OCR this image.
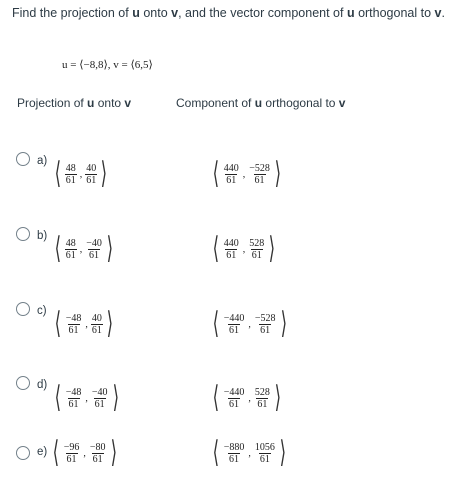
Find the projection of u onto v, and the vector component of u orthogonal to v.
u = ⟨−8,8⟩, v = ⟨6,5⟩
Projection of u onto v	Component of u orthogonal to v
a) ⟨ $\frac{48}{61}$ , $\frac{40}{61}$ ⟩	⟨ $\frac{440}{61}$ , $\frac{-528}{61}$ ⟩
b) ⟨ $\frac{48}{61}$ , $\frac{-40}{61}$ ⟩	⟨ $\frac{440}{61}$ , $\frac{528}{61}$ ⟩
c) ⟨ $\frac{-48}{61}$ , $\frac{40}{61}$ ⟩	⟨ $\frac{-440}{61}$ , $\frac{-528}{61}$ ⟩
d) ⟨ $\frac{-48}{61}$ , $\frac{-40}{61}$ ⟩	⟨ $\frac{-440}{61}$ , $\frac{528}{61}$ ⟩
e) ⟨ $\frac{-96}{61}$ , $\frac{-80}{61}$ ⟩	⟨ $\frac{-880}{61}$ , $\frac{1056}{61}$ ⟩
